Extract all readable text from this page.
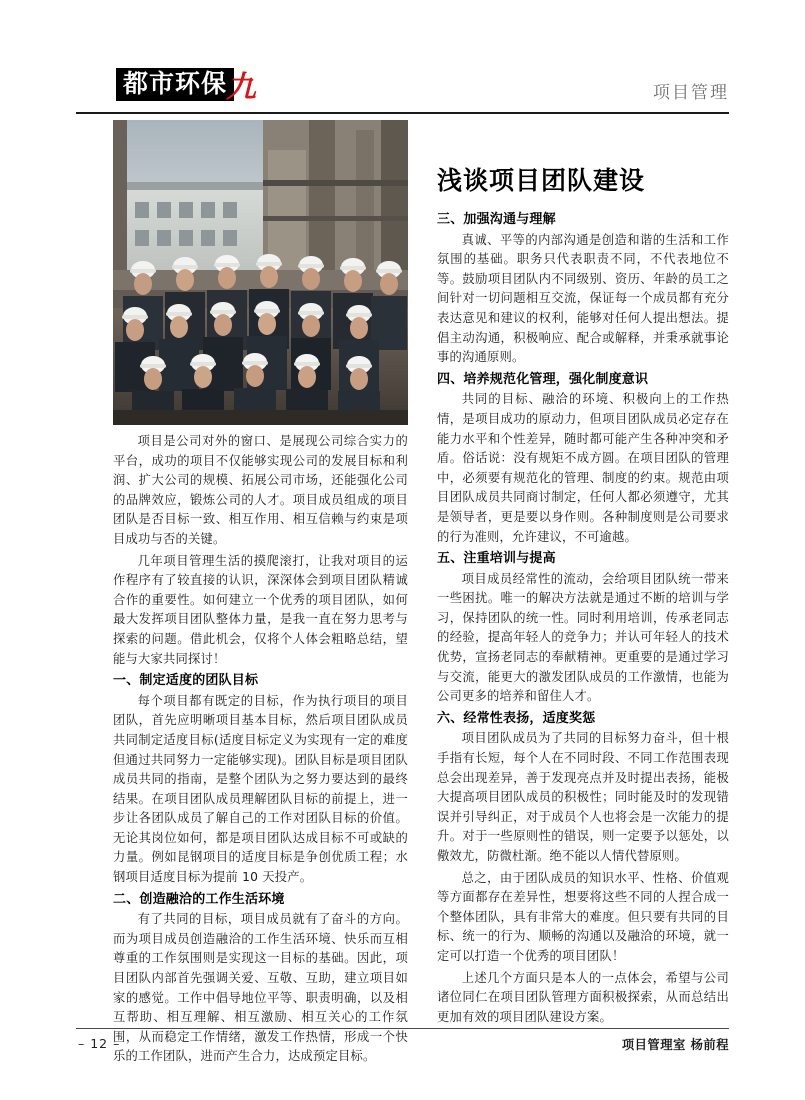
都市环保 九	项目管理

项目是公司对外的窗口、是展现公司综合实力的平台，成功的项目不仅能够实现公司的发展目标和利润、扩大公司的规模、拓展公司市场，还能强化公司的品牌效应，锻炼公司的人才。项目成员组成的项目团队是否目标一致、相互作用、相互信赖与约束是项目成功与否的关键。

几年项目管理生活的摸爬滚打，让我对项目的运作程序有了较直接的认识，深深体会到项目团队精诚合作的重要性。如何建立一个优秀的项目团队，如何最大发挥项目团队整体力量，是我一直在努力思考与探索的问题。借此机会，仅将个人体会粗略总结，望能与大家共同探讨！

一、制定适度的团队目标

每个项目都有既定的目标，作为执行项目的项目团队，首先应明晰项目基本目标，然后项目团队成员共同制定适度目标(适度目标定义为实现有一定的难度但通过共同努力一定能够实现)。团队目标是项目团队成员共同的指南，是整个团队为之努力要达到的最终结果。在项目团队成员理解团队目标的前提上，进一步让各团队成员了解自己的工作对团队目标的价值。无论其岗位如何，都是项目团队达成目标不可或缺的力量。例如昆钢项目的适度目标是争创优质工程；水钢项目适度目标为提前 10 天投产。

二、创造融洽的工作生活环境

有了共同的目标，项目成员就有了奋斗的方向。而为项目成员创造融洽的工作生活环境、快乐而互相尊重的工作氛围则是实现这一目标的基础。因此，项目团队内部首先强调关爱、互敬、互助，建立项目如家的感觉。工作中倡导地位平等、职责明确，以及相互帮助、相互理解、相互激励、相互关心的工作氛围，从而稳定工作情绪，激发工作热情，形成一个快乐的工作团队，进而产生合力，达成预定目标。

浅谈项目团队建设
三、加强沟通与理解

真诚、平等的内部沟通是创造和谐的生活和工作氛围的基础。职务只代表职责不同，不代表地位不等。鼓励项目团队内不同级别、资历、年龄的员工之间针对一切问题相互交流，保证每一个成员都有充分表达意见和建议的权利，能够对任何人提出想法。提倡主动沟通，积极响应、配合或解释，并秉承就事论事的沟通原则。

四、培养规范化管理，强化制度意识

共同的目标、融洽的环境、积极向上的工作热情，是项目成功的原动力，但项目团队成员必定存在能力水平和个性差异，随时都可能产生各种冲突和矛盾。俗话说：没有规矩不成方圆。在项目团队的管理中，必须要有规范化的管理、制度的约束。规范由项目团队成员共同商讨制定，任何人都必须遵守，尤其是领导者，更是要以身作则。各种制度则是公司要求的行为准则，允许建议，不可逾越。

五、注重培训与提高

项目成员经常性的流动，会给项目团队统一带来一些困扰。唯一的解决方法就是通过不断的培训与学习，保持团队的统一性。同时利用培训，传承老同志的经验，提高年轻人的竞争力；并认可年轻人的技术优势，宣扬老同志的奉献精神。更重要的是通过学习与交流，能更大的激发团队成员的工作激情，也能为公司更多的培养和留住人才。

六、经常性表扬，适度奖惩

项目团队成员为了共同的目标努力奋斗，但十根手指有长短，每个人在不同时段、不同工作范围表现总会出现差异，善于发现亮点并及时提出表扬，能极大提高项目团队成员的积极性；同时能及时的发现错误并引导纠正，对于成员个人也将会是一次能力的提升。对于一些原则性的错误，则一定要予以惩处，以儆效尤，防微杜渐。绝不能以人情代替原则。

总之，由于团队成员的知识水平、性格、价值观等方面都存在差异性，想要将这些不同的人捏合成一个整体团队，具有非常大的难度。但只要有共同的目标、统一的行为、顺畅的沟通以及融洽的环境，就一定可以打造一个优秀的项目团队！

上述几个方面只是本人的一点体会，希望与公司诸位同仁在项目团队管理方面积极探索，从而总结出更加有效的项目团队建设方案。

项目管理室 杨前程
– 12 –
